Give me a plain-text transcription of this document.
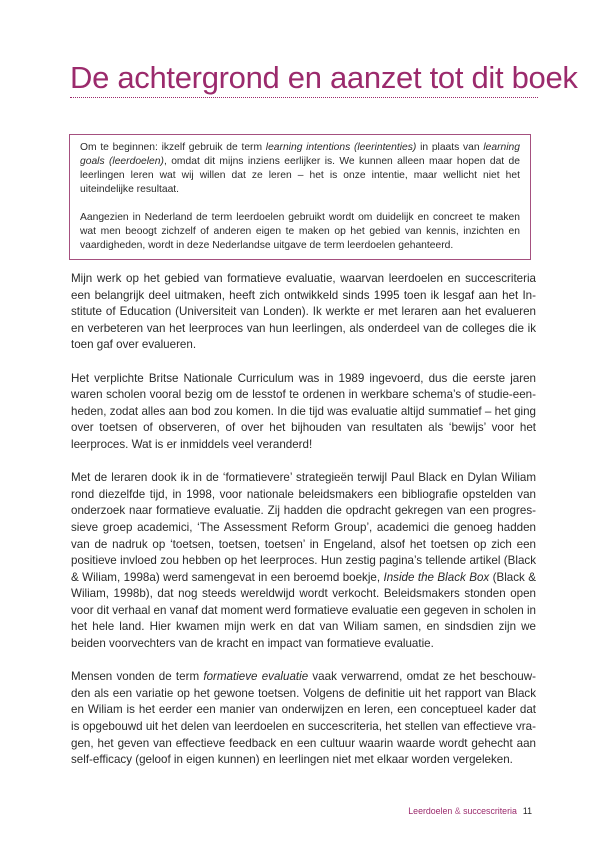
De achtergrond en aanzet tot dit boek

Om te beginnen: ikzelf gebruik de term learning intentions (leerintenties) in plaats van learning goals (leerdoelen), omdat dit mijns inziens eerlijker is. We kunnen alleen maar hopen dat de leerlingen leren wat wij willen dat ze leren – het is onze intentie, maar wellicht niet het uiteindelijke resultaat.

Aangezien in Nederland de term leerdoelen gebruikt wordt om duidelijk en concreet te maken wat men beoogt zichzelf of anderen eigen te maken op het gebied van kennis, inzichten en vaardigheden, wordt in deze Nederlandse uitgave de term leerdoelen gehanteerd.

Mijn werk op het gebied van formatieve evaluatie, waarvan leerdoelen en succescriteria een belangrijk deel uitmaken, heeft zich ontwikkeld sinds 1995 toen ik lesgaf aan het Institute of Education (Universiteit van Londen). Ik werkte er met leraren aan het evalueren en verbeteren van het leerproces van hun leerlingen, als onderdeel van de colleges die ik toen gaf over evalueren.

Het verplichte Britse Nationale Curriculum was in 1989 ingevoerd, dus die eerste jaren waren scholen vooral bezig om de lesstof te ordenen in werkbare schema’s of studie-eenheden, zodat alles aan bod zou komen. In die tijd was evaluatie altijd summatief – het ging over toetsen of observeren, of over het bijhouden van resultaten als ‘bewijs’ voor het leerproces. Wat is er inmiddels veel veranderd!

Met de leraren dook ik in de ‘formatievere’ strategieën terwijl Paul Black en Dylan Wiliam rond diezelfde tijd, in 1998, voor nationale beleidsmakers een bibliografie opstelden van onderzoek naar formatieve evaluatie. Zij hadden die opdracht gekregen van een progressieve groep academici, ‘The Assessment Reform Group’, academici die genoeg hadden van de nadruk op ‘toetsen, toetsen, toetsen’ in Engeland, alsof het toetsen op zich een positieve invloed zou hebben op het leerproces. Hun zestig pagina’s tellende artikel (Black & Wiliam, 1998a) werd samengevat in een beroemd boekje, Inside the Black Box (Black & Wiliam, 1998b), dat nog steeds wereldwijd wordt verkocht. Beleidsmakers stonden open voor dit verhaal en vanaf dat moment werd formatieve evaluatie een gegeven in scholen in het hele land. Hier kwamen mijn werk en dat van Wiliam samen, en sindsdien zijn we beiden voorvechters van de kracht en impact van formatieve evaluatie.

Mensen vonden de term formatieve evaluatie vaak verwarrend, omdat ze het beschouwden als een variatie op het gewone toetsen. Volgens de definitie uit het rapport van Black en Wiliam is het eerder een manier van onderwijzen en leren, een conceptueel kader dat is opgebouwd uit het delen van leerdoelen en succescriteria, het stellen van effectieve vragen, het geven van effectieve feedback en een cultuur waarin waarde wordt gehecht aan self-efficacy (geloof in eigen kunnen) en leerlingen niet met elkaar worden vergeleken.

Leerdoelen & succescriteria 11
